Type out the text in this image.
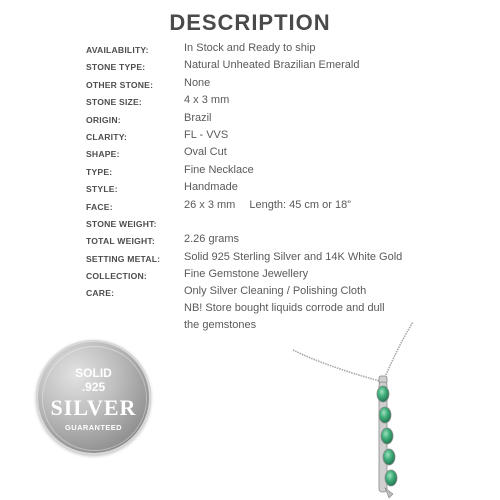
DESCRIPTION
AVAILABILITY:	In Stock and Ready to ship
STONE TYPE:	Natural Unheated Brazilian Emerald
OTHER STONE:	None
STONE SIZE:	4 x 3 mm
ORIGIN:	Brazil
CLARITY:	FL - VVS
SHAPE:	Oval Cut
TYPE:	Fine Necklace
STYLE:	Handmade
FACE:	26 x 3 mm Length: 45 cm or 18”
STONE WEIGHT:
TOTAL WEIGHT:	2.26 grams
SETTING METAL: Solid 925 Sterling Silver and 14K White Gold
COLLECTION:	Fine Gemstone Jewellery
CARE:	Only Silver Cleaning / Polishing Cloth
NB! Store bought liquids corrode and dull
the gemstones
SOLID
.925
SILVER
GUARANTEED
